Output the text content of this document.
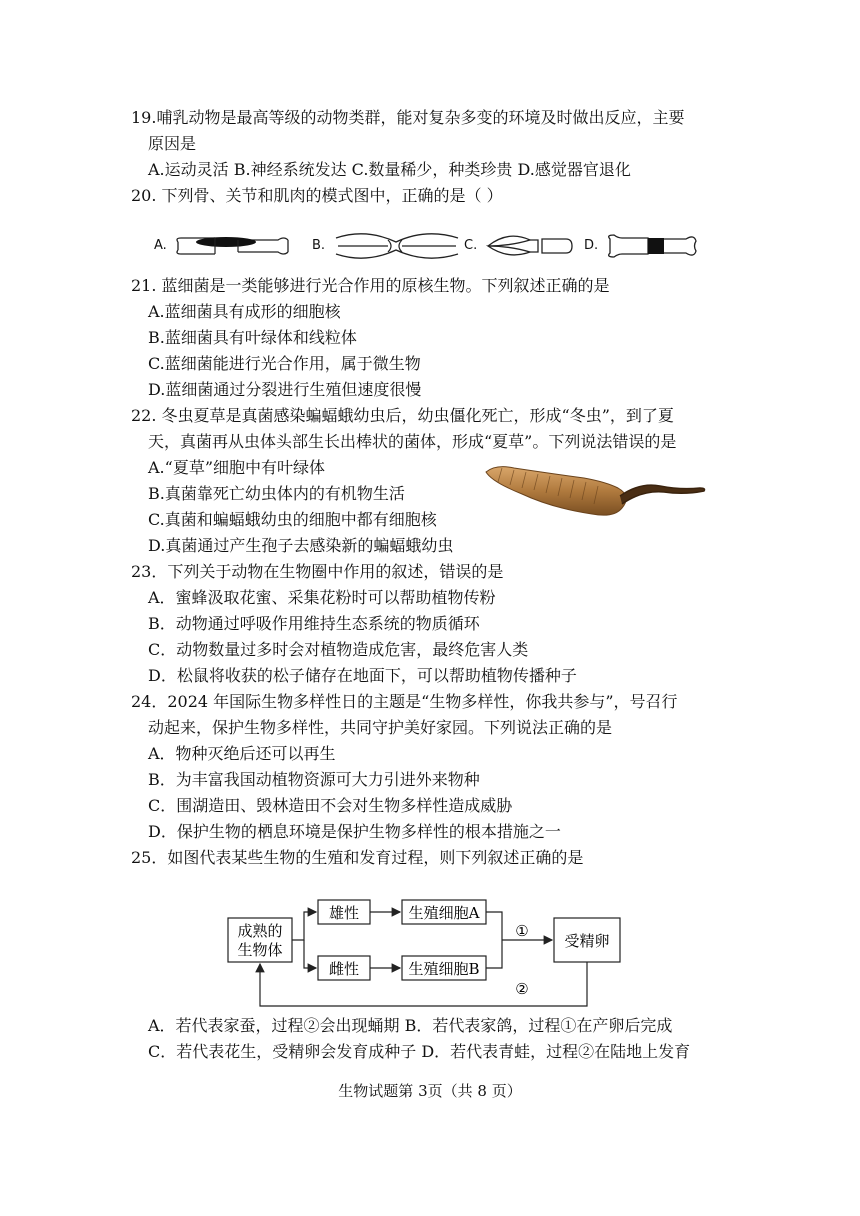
19.哺乳动物是最高等级的动物类群，能对复杂多变的环境及时做出反应，主要
原因是
A.运动灵活 B.神经系统发达 C.数量稀少，种类珍贵 D.感觉器官退化
20. 下列骨、关节和肌肉的模式图中，正确的是（ ）
A.	B.	C.	D.
21. 蓝细菌是一类能够进行光合作用的原核生物。下列叙述正确的是
A.蓝细菌具有成形的细胞核
B.蓝细菌具有叶绿体和线粒体
C.蓝细菌能进行光合作用，属于微生物
D.蓝细菌通过分裂进行生殖但速度很慢
22. 冬虫夏草是真菌感染蝙蝠蛾幼虫后，幼虫僵化死亡，形成“冬虫”，到了夏
天，真菌再从虫体头部生长出棒状的菌体，形成“夏草”。下列说法错误的是
A.“夏草”细胞中有叶绿体
B.真菌靠死亡幼虫体内的有机物生活
C.真菌和蝙蝠蛾幼虫的细胞中都有细胞核
D.真菌通过产生孢子去感染新的蝙蝠蛾幼虫
23．下列关于动物在生物圈中作用的叙述，错误的是
A．蜜蜂汲取花蜜、采集花粉时可以帮助植物传粉
B．动物通过呼吸作用维持生态系统的物质循环
C．动物数量过多时会对植物造成危害，最终危害人类
D．松鼠将收获的松子储存在地面下，可以帮助植物传播种子
24．2024 年国际生物多样性日的主题是“生物多样性，你我共参与”，号召行
动起来，保护生物多样性，共同守护美好家园。下列说法正确的是
A．物种灭绝后还可以再生
B．为丰富我国动植物资源可大力引进外来物种
C．围湖造田、毁林造田不会对生物多样性造成威胁
D．保护生物的栖息环境是保护生物多样性的根本措施之一
25．如图代表某些生物的生殖和发育过程，则下列叙述正确的是
成熟的
生物体
雄性
雌性
生殖细胞A
生殖细胞B
受精卵
①
②
A．若代表家蚕，过程②会出现蛹期 B．若代表家鸽，过程①在产卵后完成
C．若代表花生，受精卵会发育成种子 D．若代表青蛙，过程②在陆地上发育
生物试题第 3页（共 8 页）
